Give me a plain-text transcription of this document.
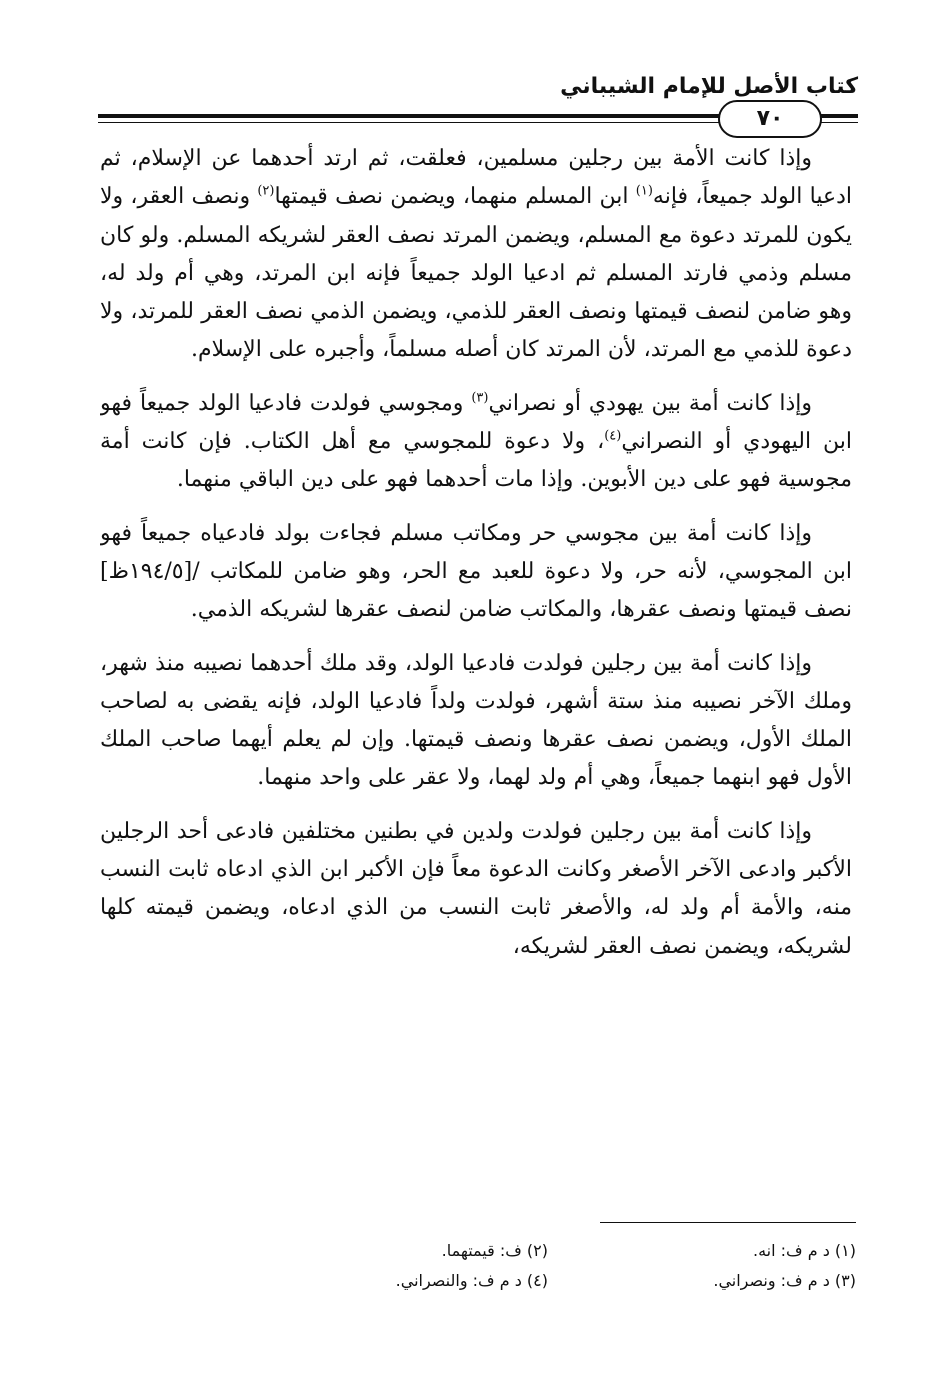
كتاب الأصل للإمام الشيباني
٧٠

وإذا كانت الأمة بين رجلين مسلمين، فعلقت، ثم ارتد أحدهما عن الإسلام، ثم ادعيا الولد جميعاً، فإنه$^{(١)}$ ابن المسلم منهما، ويضمن نصف قيمتها$^{(٢)}$ ونصف العقر، ولا يكون للمرتد دعوة مع المسلم، ويضمن المرتد نصف العقر لشريكه المسلم. ولو كان مسلم وذمي فارتد المسلم ثم ادعيا الولد جميعاً فإنه ابن المرتد، وهي أم ولد له، وهو ضامن لنصف قيمتها ونصف العقر للذمي، ويضمن الذمي نصف العقر للمرتد، ولا دعوة للذمي مع المرتد، لأن المرتد كان أصله مسلماً، وأجبره على الإسلام.

وإذا كانت أمة بين يهودي أو نصراني$^{(٣)}$ ومجوسي فولدت فادعيا الولد جميعاً فهو ابن اليهودي أو النصراني$^{(٤)}$، ولا دعوة للمجوسي مع أهل الكتاب. فإن كانت أمة مجوسية فهو على دين الأبوين. وإذا مات أحدهما فهو على دين الباقي منهما.

وإذا كانت أمة بين مجوسي حر ومكاتب مسلم فجاءت بولد فادعياه جميعاً فهو ابن المجوسي، لأنه حر، ولا دعوة للعبد مع الحر، وهو ضامن للمكاتب /[١٩٤/٥ظ] نصف قيمتها ونصف عقرها، والمكاتب ضامن لنصف عقرها لشريكه الذمي.

وإذا كانت أمة بين رجلين فولدت فادعيا الولد، وقد ملك أحدهما نصيبه منذ شهر، وملك الآخر نصيبه منذ ستة أشهر، فولدت ولداً فادعيا الولد، فإنه يقضى به لصاحب الملك الأول، ويضمن نصف عقرها ونصف قيمتها. وإن لم يعلم أيهما صاحب الملك الأول فهو ابنهما جميعاً، وهي أم ولد لهما، ولا عقر على واحد منهما.

وإذا كانت أمة بين رجلين فولدت ولدين في بطنين مختلفين فادعى أحد الرجلين الأكبر وادعى الآخر الأصغر وكانت الدعوة معاً فإن الأكبر ابن الذي ادعاه ثابت النسب منه، والأمة أم ولد له، والأصغر ثابت النسب من الذي ادعاه، ويضمن قيمته كلها لشريكه، ويضمن نصف العقر لشريكه،

(١) د م ف: انه.
(٢) ف: قيمتهما.
(٣) د م ف: ونصراني.
(٤) د م ف: والنصراني.
